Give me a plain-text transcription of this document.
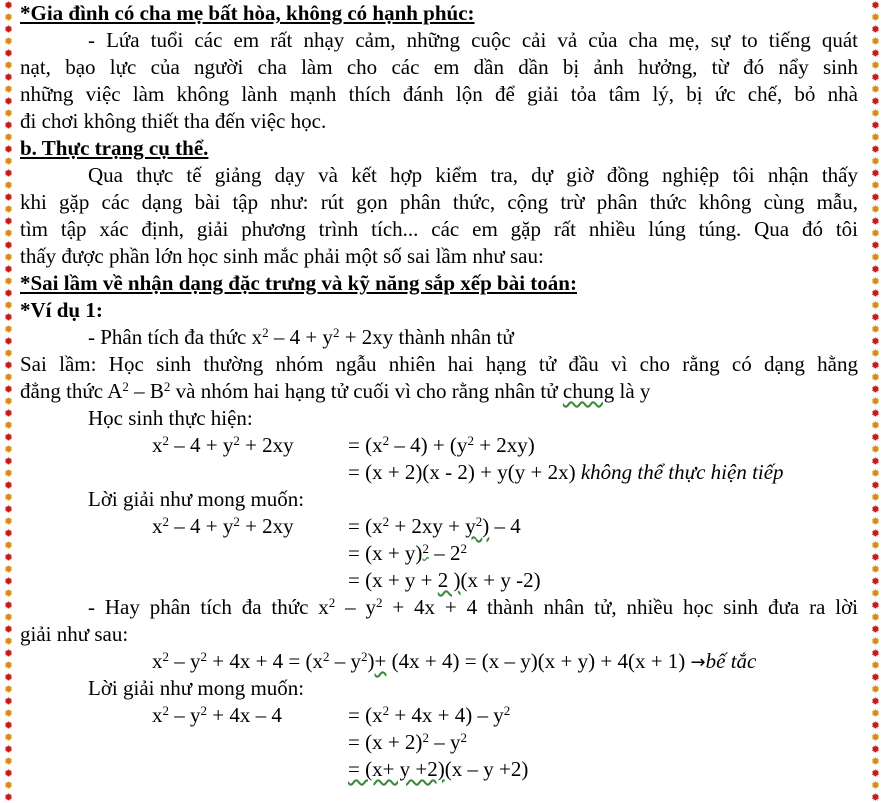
✹
✹
✹
✹
✹
✹
✹
✹
✹
✹
✹
✹
✹
✹
✹
✹
✹
✹
✹
✹
✹
✹
✹
✹
✹
✹
✹
✹
✹
✹
✹
✹
✹
✹
✹
✹
✹
✹
✹
✹
✹
✹
✹
✹
✹
✹
✹
✹
✹
✹
✹
✹
✹
✹
✹
✹
✹
✹
✹
✹
✹
✹
✹
✹
✹
✹
✹
✹
✹
✹
✹
✹
✹
✹
✹
✹
✹
✹
✹
✹
✹
✹
✹
✹
✹
✹
✹
✹
✹
✹
✹
✹
✹
✹
✹
✹
✹
✹
✹
✹
✹
✹
✹
✹
✹
✹
✹
✹
✹
✹
✹
✹
✹
✹
✹
✹
✹
✹
✹
✹
✹
✹
✹
✹
✹
✹
✹
✹
✹
✹
✹
✹
✹
✹
*Gia đình có cha mẹ bất hòa, không có hạnh phúc:
- Lứa tuổi các em rất nhạy cảm, những cuộc cải vả của cha mẹ, sự to tiếng quát
nạt, bạo lực của người cha làm cho các em dần dần bị ảnh hưởng, từ đó nẩy sinh
những việc làm không lành mạnh thích đánh lộn để giải tỏa tâm lý, bị ức chế, bỏ nhà
đi chơi không thiết tha đến việc học.
b. Thực trạng cụ thể.
Qua thực tế giảng dạy và kết hợp kiểm tra, dự giờ đồng nghiệp tôi nhận thấy
khi gặp các dạng bài tập như: rút gọn phân thức, cộng trừ phân thức không cùng mẫu,
tìm tập xác định, giải phương trình tích... các em gặp rất nhiều lúng túng. Qua đó tôi
thấy được phần lớn học sinh mắc phải một số sai lầm như sau:
*Sai lầm về nhận dạng đặc trưng và kỹ năng sắp xếp bài toán:
*Ví dụ 1:
- Phân tích đa thức $x^2 - 4 + y^2 + 2xy$ thành nhân tử
Sai lầm: Học sinh thường nhóm ngẫu nhiên hai hạng tử đầu vì cho rằng có dạng hằng
đẳng thức $A^2 - B^2$ và nhóm hai hạng tử cuối vì cho rằng nhân tử chung là y
Học sinh thực hiện:
$x^2 - 4 + y^2 + 2xy$	= $(x^2 - 4) + (y^2 + 2xy)$
= (x + 2)(x - 2) + y(y + 2x) không thể thực hiện tiếp
Lời giải như mong muốn:
$x^2 - 4 + y^2 + 2xy$	= $(x^2 + 2xy + y^2) - 4$
= $(x + y)^2 - 2^2$
= (x + y + 2 )(x + y -2)
- Hay phân tích đa thức $x^2 - y^2 + 4x + 4$ thành nhân tử, nhiều học sinh đưa ra lời
giải như sau:
$x^2 - y^2 + 4x + 4 = (x^2 - y^2)+ (4x + 4) = (x - y)(x + y) + 4(x + 1)$ →bế tắc
Lời giải như mong muốn:
$x^2 - y^2 + 4x - 4$	= $(x^2 + 4x + 4) - y^2$
= $(x + 2)^2 - y^2$
= (x+ y +2)(x – y +2)
